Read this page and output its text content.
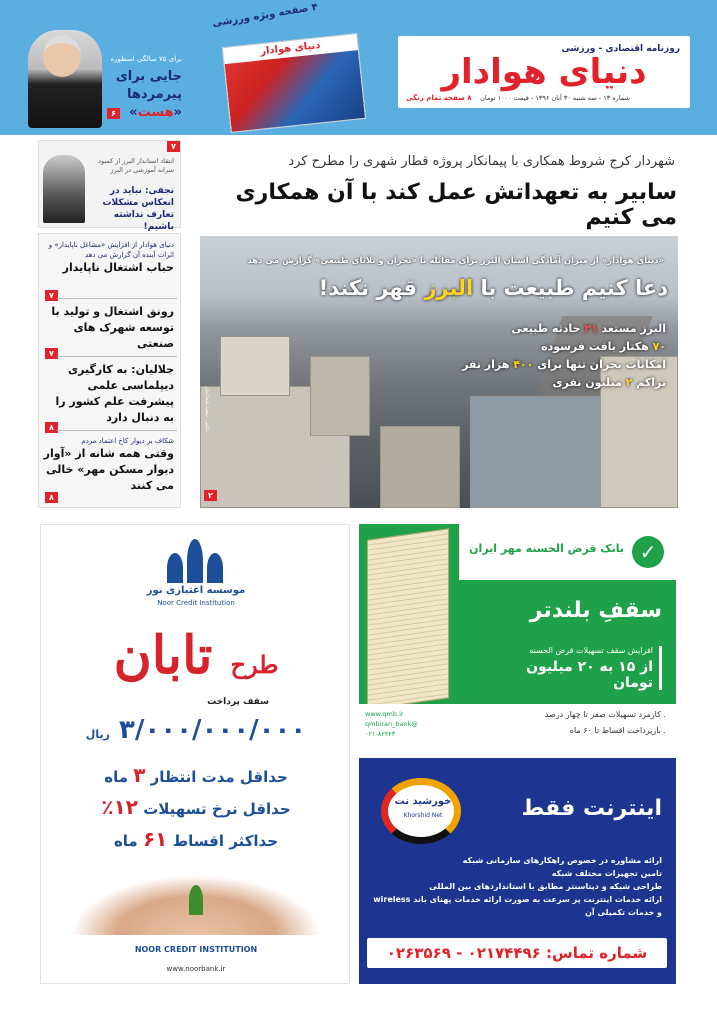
روزنامه اقتصادی - ورزشی
دنیای هوادار
شماره ۱۳ - سه شنبه ۳۰ آبان ۱۳۹۶ - قیمت ۱۰۰۰ تومان
۸ صفحه تمام رنگی
۴ صفحه ویژه ورزشی
دنیای هوادار
برای ۷۵ سالگی اسطوره
جایی برای
پیرمردها «هست»
۶
شهردار کرج شروط همکاری با پیمانکار پروژه قطار شهری را مطرح کرد
سابیر به تعهداتش عمل کند با آن همکاری می کنیم
۷
انتقاد استاندار البرز از کمبود سرانه آموزشی در البرز
نجفی: نباید در انعکاس مشکلات تعارف نداشته باشیم!
دنیای هوادار از افزایش «مشاغل ناپایدار» و اثرات آینده آن گزارش می دهد
حباب اشتغال ناپایدار
۷
رونق اشتغال و تولید با توسعه شهرک های صنعتی
۷
جلالیان: به کارگیری دیپلماسی علمی پیشرفت علم کشور را به دنبال دارد
۸
شکاف بر دیوار کاخ اعتماد مردم
وقتی همه شانه از «آوار دیوار مسکن مهر» خالی می کنند
۸
«دنیای هوادار» از میزان آمادگی استان البرز برای مقابله با «بحران و بلایای طبیعی» گزارش می دهد
دعا کنیم طبیعت با البرز قهر نکند!
البرز مستعد ۲۱ حادثه طبیعی
۷۰ هکتار بافت فرسوده
امکانات بحران تنها برای ۴۰۰ هزار نفر
تراکم ۲ میلیون نفری
عکس: سعید شجاعیان
۲
موسسه اعتباری نور
Noor Credit Institution
طرح تابان
سقف پرداخت
۳/۰۰۰/۰۰۰/۰۰۰ ریال
حداقل مدت انتظار ۳ ماه
حداقل نرخ تسهیلات ۱۲٪
حداکثر اقساط ۶۱ ماه
NOOR CREDIT INSTITUTION
www.noorbank.ir
✓
بانک قرض الحسنه مهر ایران
سقفِ بلندتر
افزایش سقف تسهیلات قرض الحسنه
از ۱۵ به ۲۰ میلیون تومان
. کارمزد تسهیلات صفر تا چهار درصد
. بازپرداخت اقساط تا ۶۰ ماه
www.qmb.ir
@qmbiran_bank
۰۲۱-۸۲۴۴۳
خورشید نت
Khorshid Net	اینترنت فقط
ارائه مشاوره در خصوص راهکارهای سازمانی شبکه
تامین تجهیزات مختلف شبکه
طراحی شبکه و دیتاسنتر مطابق با استانداردهای بین المللی
ارائه خدمات اینترنت پر سرعت به صورت ارائه خدمات پهنای باند wireless
و خدمات تکمیلی آن
شماره تماس: ۰۲۱۷۴۴۹۶ - ۰۲۶۳۵۶۹
